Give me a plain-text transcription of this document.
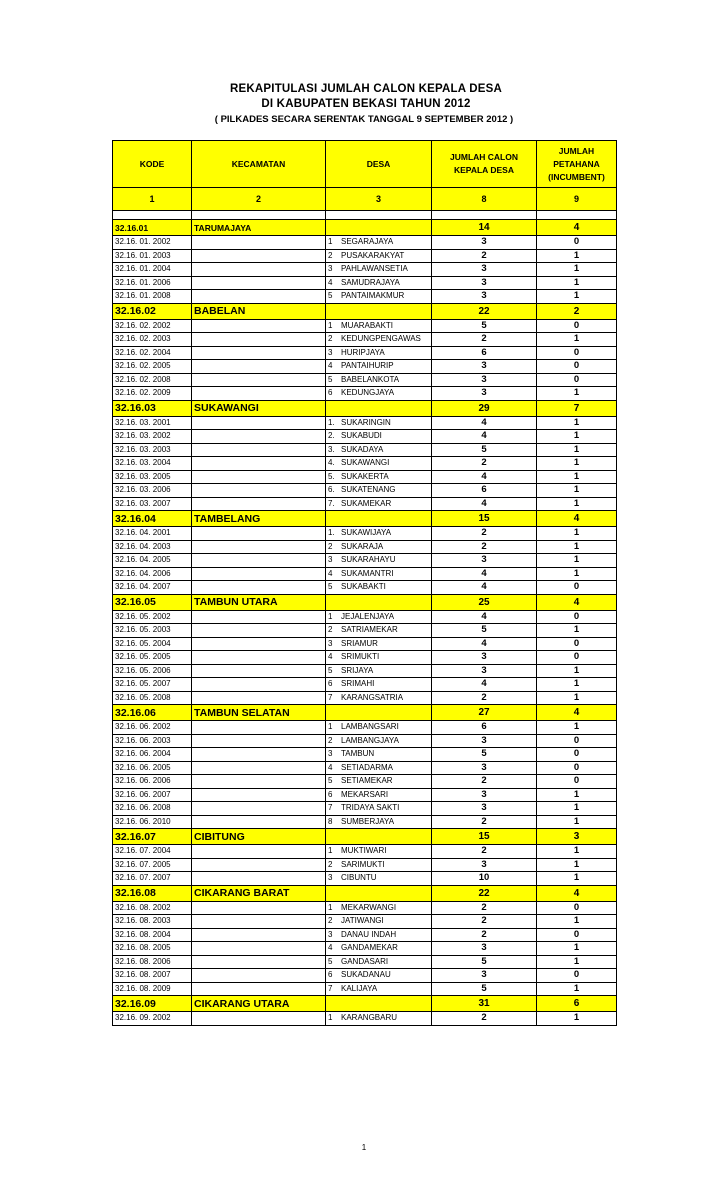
REKAPITULASI JUMLAH CALON KEPALA DESA
DI KABUPATEN BEKASI TAHUN 2012
( PILKADES SECARA SERENTAK TANGGAL 9 SEPTEMBER 2012 )
KODE	KECAMATAN	DESA	JUMLAH CALON KEPALA DESA	JUMLAH PETAHANA (INCUMBENT)
1	2	3	8	9

32.16.01	TARUMAJAYA		14	4
32.16. 01. 2002		1 SEGARAJAYA	3	0
32.16. 01. 2003		2 PUSAKARAKYAT	2	1
32.16. 01. 2004		3 PAHLAWANSETIA	3	1
32.16. 01. 2006		4 SAMUDRAJAYA	3	1
32.16. 01. 2008		5 PANTAIMAKMUR	3	1
32.16.02	BABELAN		22	2
32.16. 02. 2002		1 MUARABAKTI	5	0
32.16. 02. 2003		2 KEDUNGPENGAWAS	2	1
32.16. 02. 2004		3 HURIPJAYA	6	0
32.16. 02. 2005		4 PANTAIHURIP	3	0
32.16. 02. 2008		5 BABELANKOTA	3	0
32.16. 02. 2009		6 KEDUNGJAYA	3	1
32.16.03	SUKAWANGI		29	7
32.16. 03. 2001		1. SUKARINGIN	4	1
32.16. 03. 2002		2. SUKABUDI	4	1
32.16. 03. 2003		3. SUKADAYA	5	1
32.16. 03. 2004		4. SUKAWANGI	2	1
32.16. 03. 2005		5. SUKAKERTA	4	1
32.16. 03. 2006		6. SUKATENANG	6	1
32.16. 03. 2007		7. SUKAMEKAR	4	1
32.16.04	TAMBELANG		15	4
32.16. 04. 2001		1. SUKAWIJAYA	2	1
32.16. 04. 2003		2 SUKARAJA	2	1
32.16. 04. 2005		3 SUKARAHAYU	3	1
32.16. 04. 2006		4 SUKAMANTRI	4	1
32.16. 04. 2007		5 SUKABAKTI	4	0
32.16.05	TAMBUN UTARA		25	4
32.16. 05. 2002		1 JEJALENJAYA	4	0
32.16. 05. 2003		2 SATRIAMEKAR	5	1
32.16. 05. 2004		3 SRIAMUR	4	0
32.16. 05. 2005		4 SRIMUKTI	3	0
32.16. 05. 2006		5 SRIJAYA	3	1
32.16. 05. 2007		6 SRIMAHI	4	1
32.16. 05. 2008		7 KARANGSATRIA	2	1
32.16.06	TAMBUN SELATAN		27	4
32.16. 06. 2002		1 LAMBANGSARI	6	1
32.16. 06. 2003		2 LAMBANGJAYA	3	0
32.16. 06. 2004		3 TAMBUN	5	0
32.16. 06. 2005		4 SETIADARMA	3	0
32.16. 06. 2006		5 SETIAMEKAR	2	0
32.16. 06. 2007		6 MEKARSARI	3	1
32.16. 06. 2008		7 TRIDAYA SAKTI	3	1
32.16. 06. 2010		8 SUMBERJAYA	2	1
32.16.07	CIBITUNG		15	3
32.16. 07. 2004		1 MUKTIWARI	2	1
32.16. 07. 2005		2 SARIMUKTI	3	1
32.16. 07. 2007		3 CIBUNTU	10	1
32.16.08	CIKARANG BARAT		22	4
32.16. 08. 2002		1 MEKARWANGI	2	0
32.16. 08. 2003		2 JATIWANGI	2	1
32.16. 08. 2004		3 DANAU INDAH	2	0
32.16. 08. 2005		4 GANDAMEKAR	3	1
32.16. 08. 2006		5 GANDASARI	5	1
32.16. 08. 2007		6 SUKADANAU	3	0
32.16. 08. 2009		7 KALIJAYA	5	1
32.16.09	CIKARANG UTARA		31	6
32.16. 09. 2002		1 KARANGBARU	2	1
1
